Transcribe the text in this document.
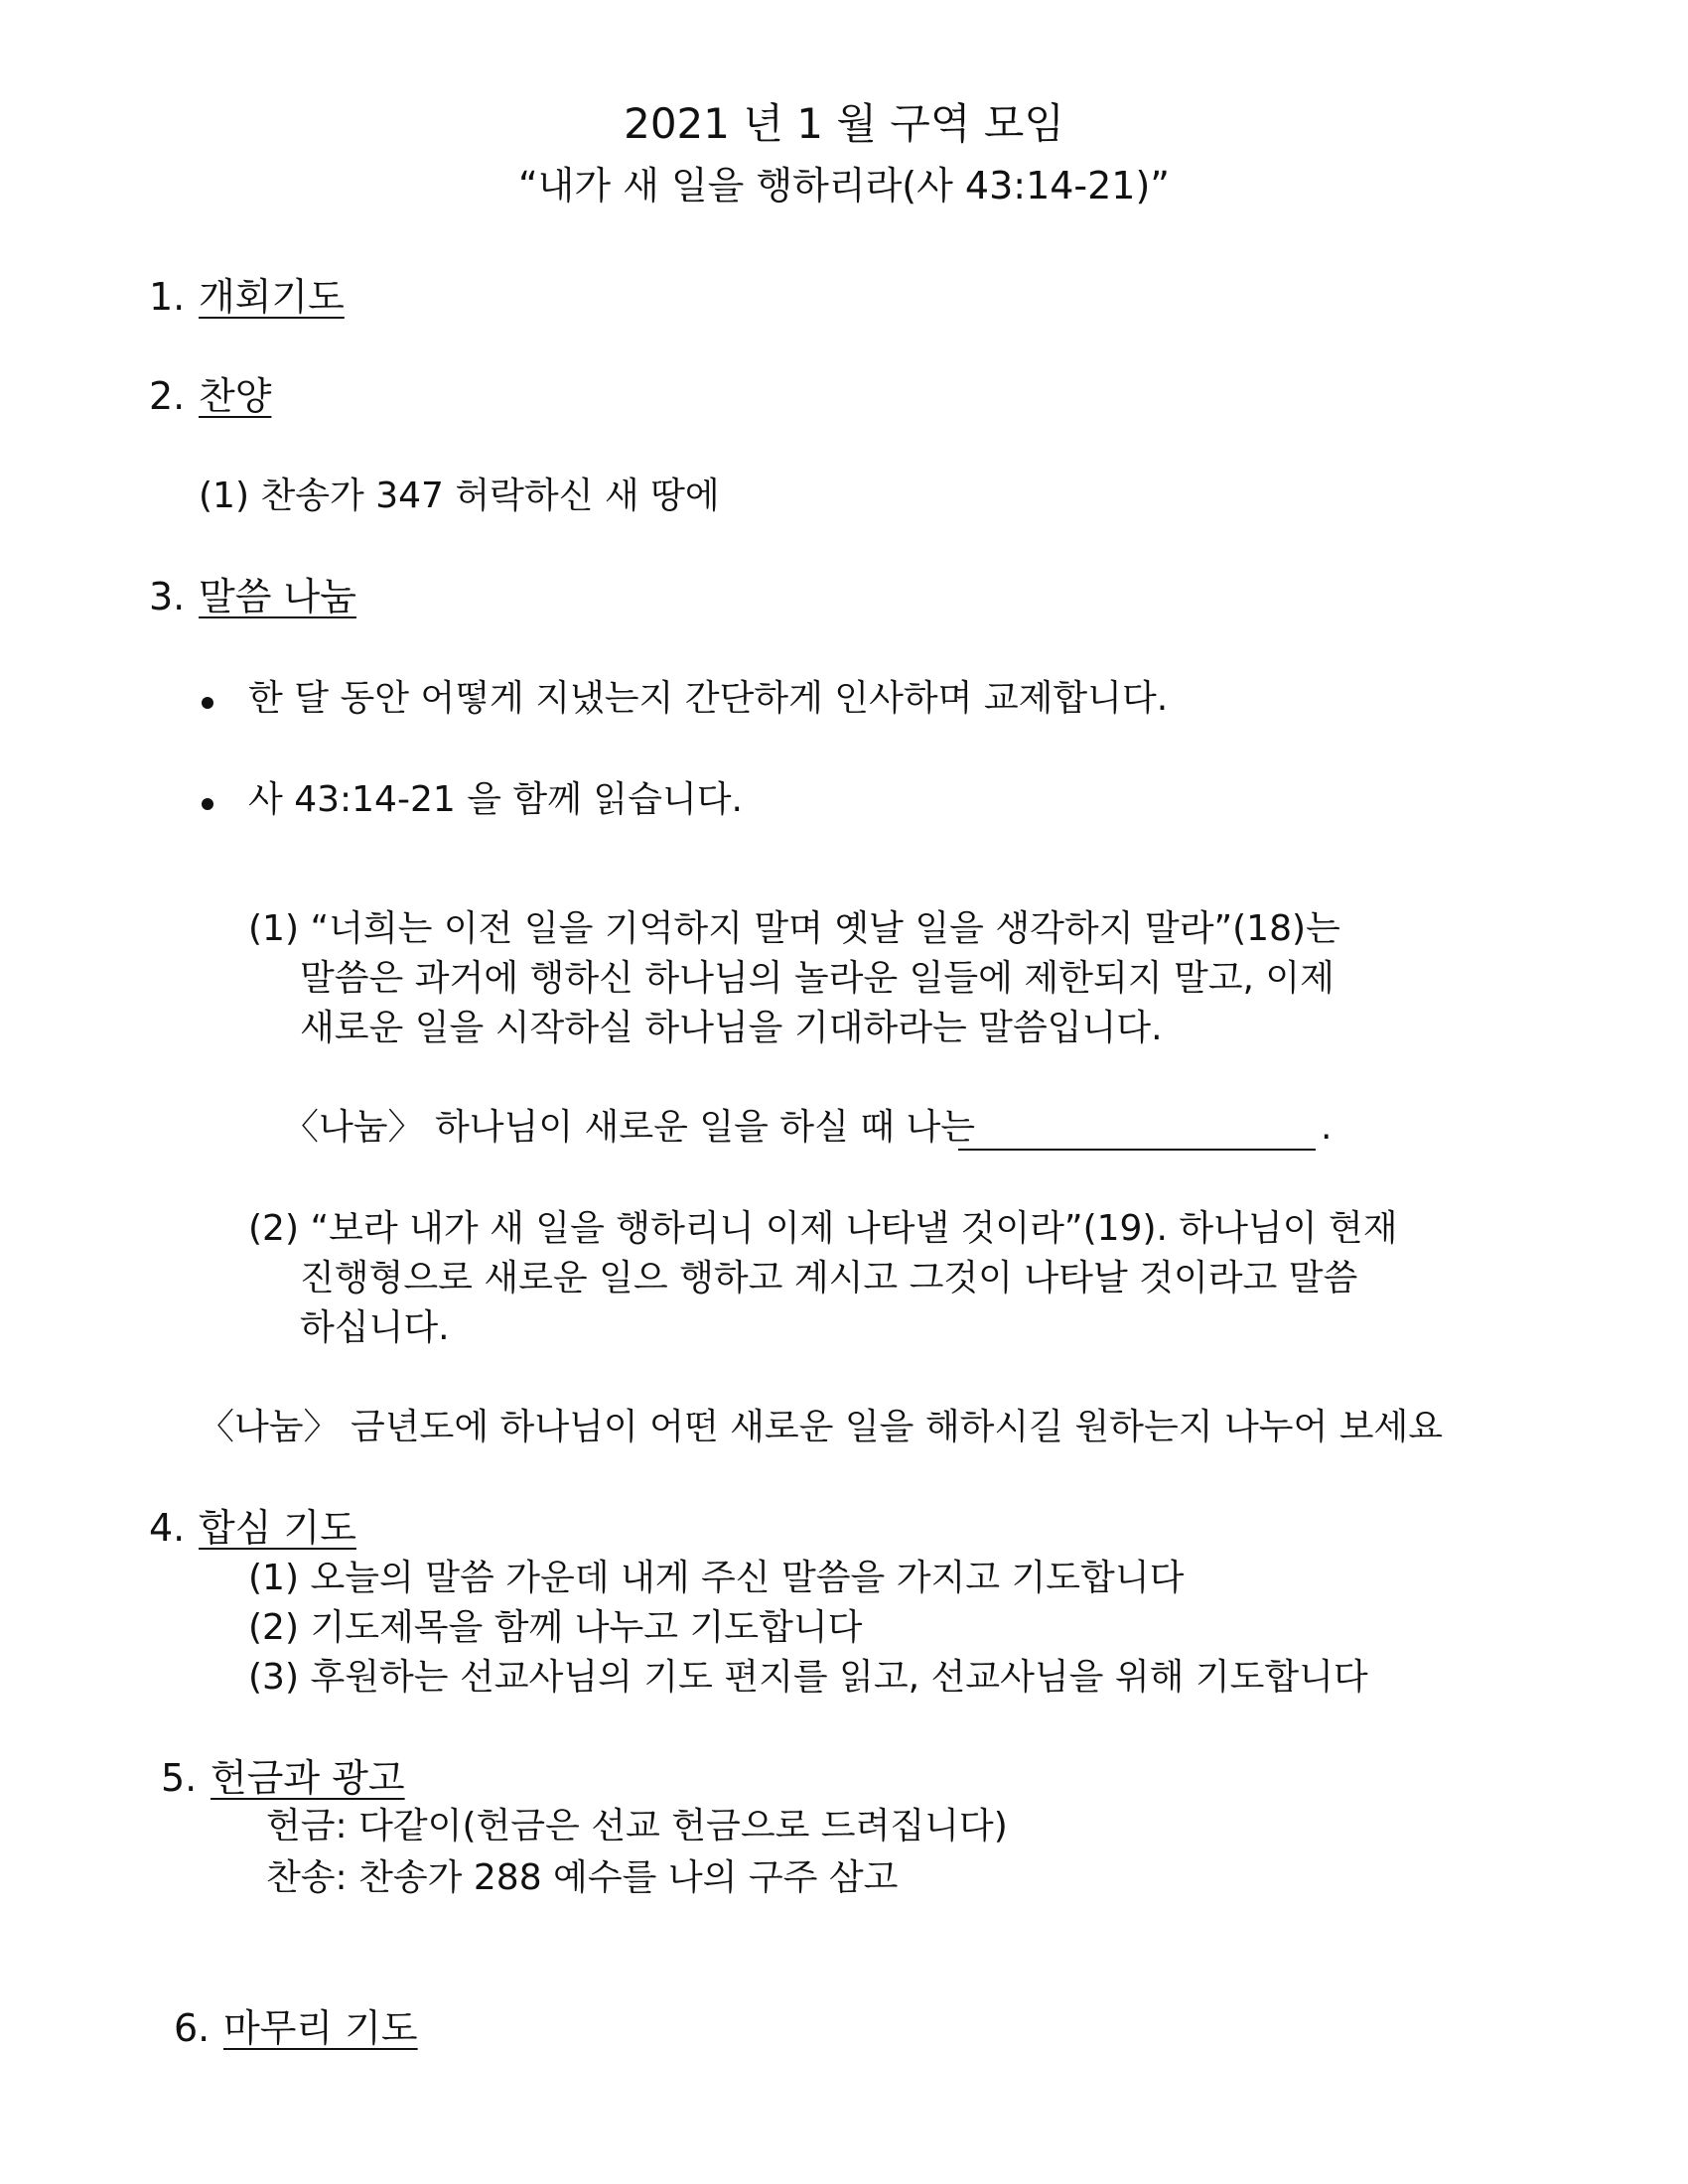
2021 년 1 월 구역 모임
“내가 새 일을 행하리라(사 43:14-21)”
1. 개회기도
2. 찬양
(1) 찬송가 347 허락하신 새 땅에
3. 말씀 나눔
한 달 동안 어떻게 지냈는지 간단하게 인사하며 교제합니다.
사 43:14-21 을 함께 읽습니다.
(1) “너희는 이전 일을 기억하지 말며 옛날 일을 생각하지 말라”(18)는
말씀은 과거에 행하신 하나님의 놀라운 일들에 제한되지 말고, 이제
새로운 일을 시작하실 하나님을 기대하라는 말씀입니다.
〈나눔〉 하나님이 새로운 일을 하실 때 나는	.
(2) “보라 내가 새 일을 행하리니 이제 나타낼 것이라”(19). 하나님이 현재
진행형으로 새로운 일으 행하고 계시고 그것이 나타날 것이라고 말씀
하십니다.
〈나눔〉 금년도에 하나님이 어떤 새로운 일을 해하시길 원하는지 나누어 보세요
4. 합심 기도
(1) 오늘의 말씀 가운데 내게 주신 말씀을 가지고 기도합니다
(2) 기도제목을 함께 나누고 기도합니다
(3) 후원하는 선교사님의 기도 편지를 읽고, 선교사님을 위해 기도합니다
5. 헌금과 광고
헌금: 다같이(헌금은 선교 헌금으로 드려집니다)
찬송: 찬송가 288 예수를 나의 구주 삼고
6. 마무리 기도
